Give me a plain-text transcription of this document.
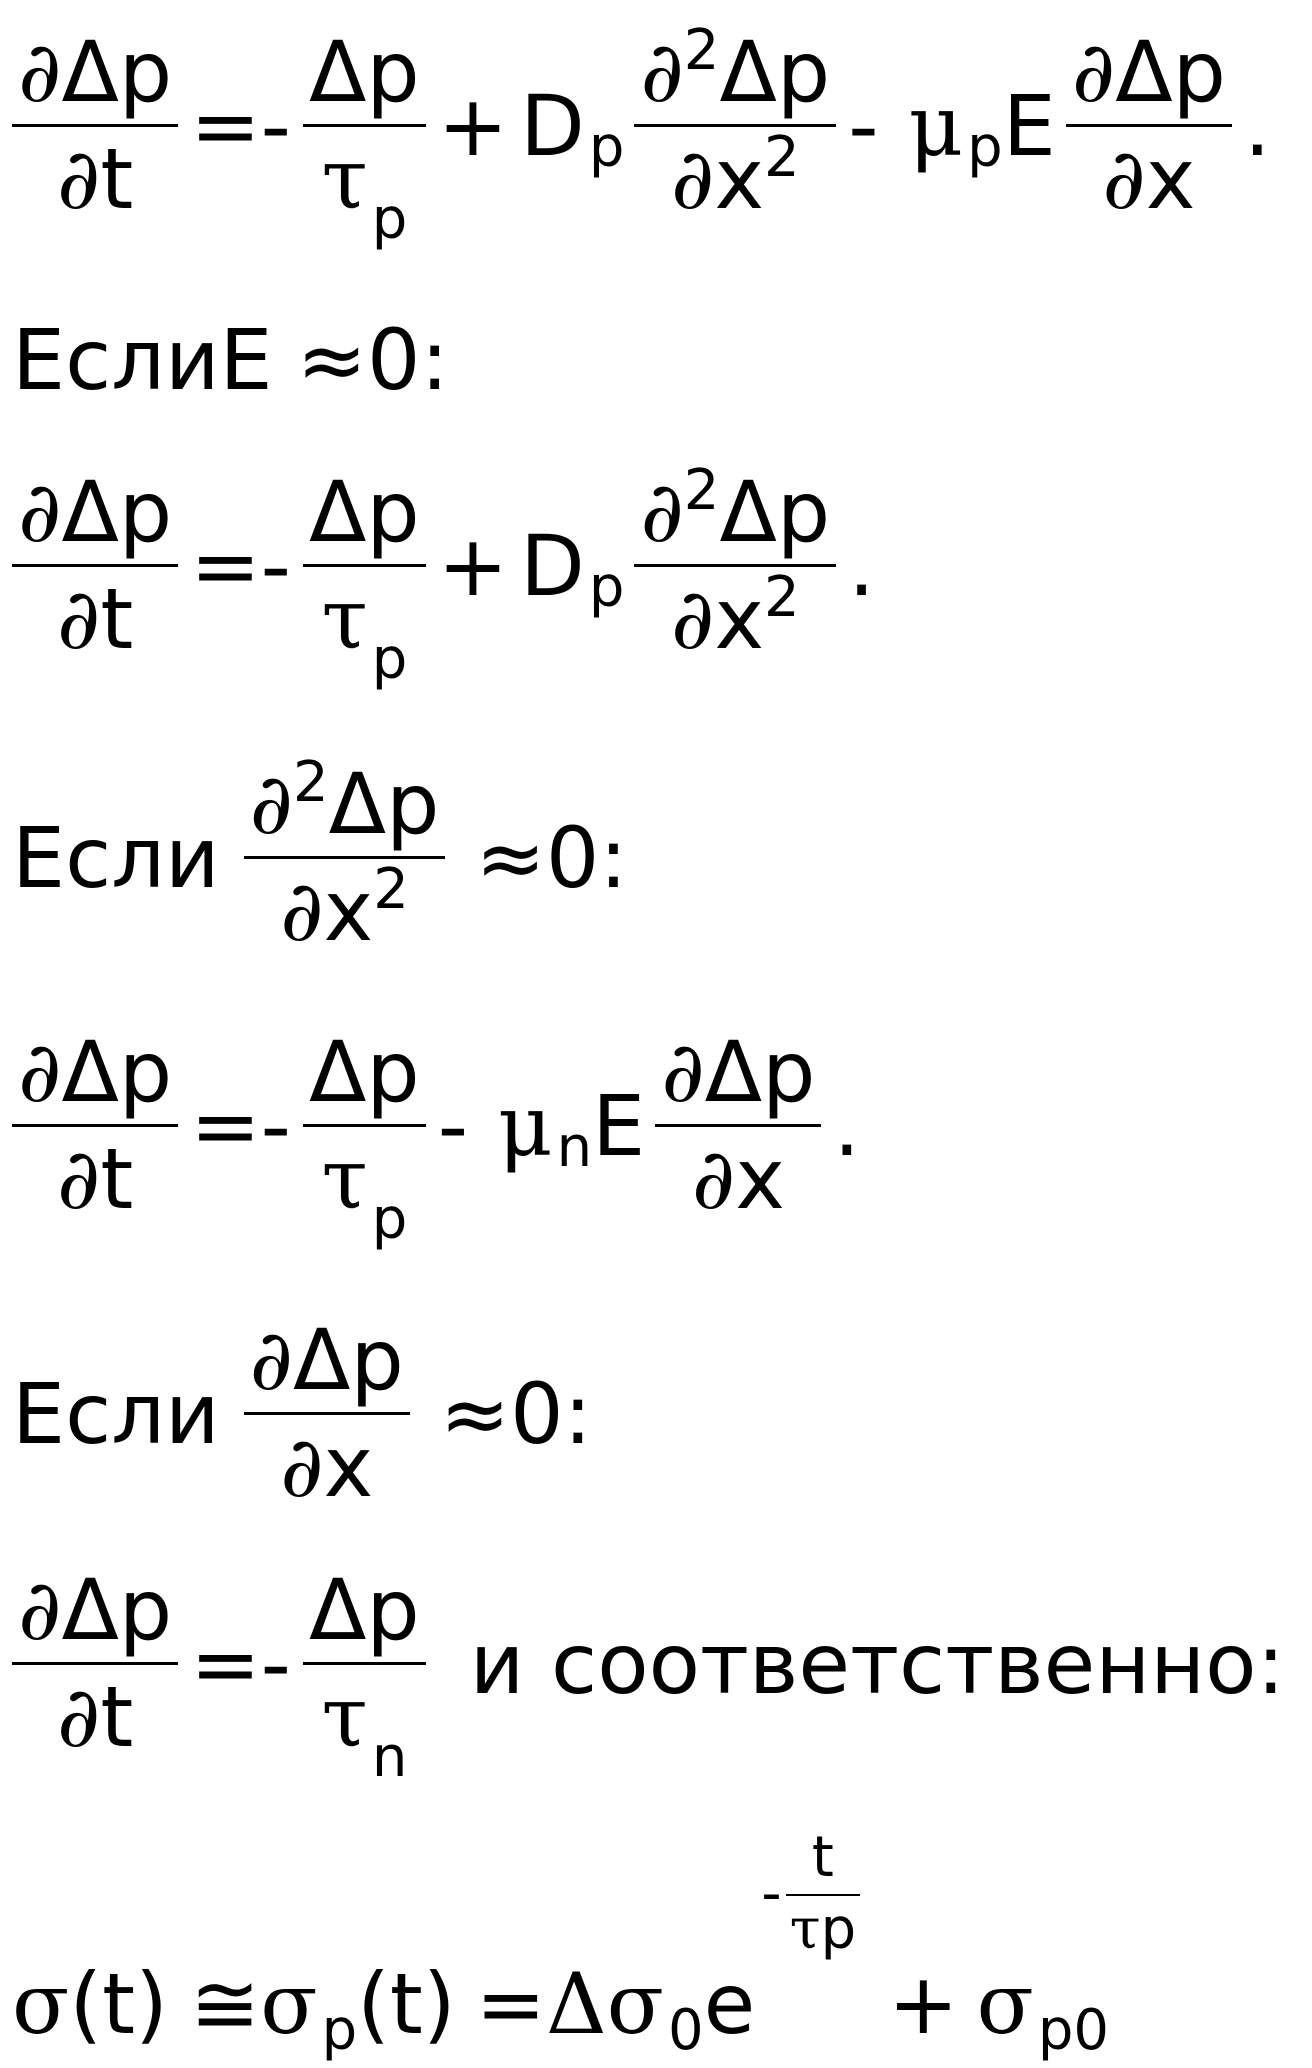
$\frac{\partial\Delta p}{\partial t} =- \frac{\Delta p}{\tau_p} + D$ p $\frac{\partial^2\Delta p}{\partial x^2}$ - μ p E $\frac{\partial\Delta p}{\partial x}$ .
Если E ≈ 0 :
$\frac{\partial\Delta p}{\partial t} =- \frac{\Delta p}{\tau_p} + D$ p $\frac{\partial^2\Delta p}{\partial x^2}$ .
Если $\frac{\partial^2\Delta p}{\partial x^2} \approx 0$ :
$\frac{\partial\Delta p}{\partial t} =- \frac{\Delta p}{\tau_p} - \mu$ n E $\frac{\partial\Delta p}{\partial x}$ .
Если $\frac{\partial\Delta p}{\partial x} \approx 0$ :
$\frac{\partial\Delta p}{\partial t} =- \frac{\Delta p}{\tau_n}$ и соответственно:
σ ( t ) ≅ σ p ( t ) = Δσ 0 e
-
t
τp
+ σ p0
